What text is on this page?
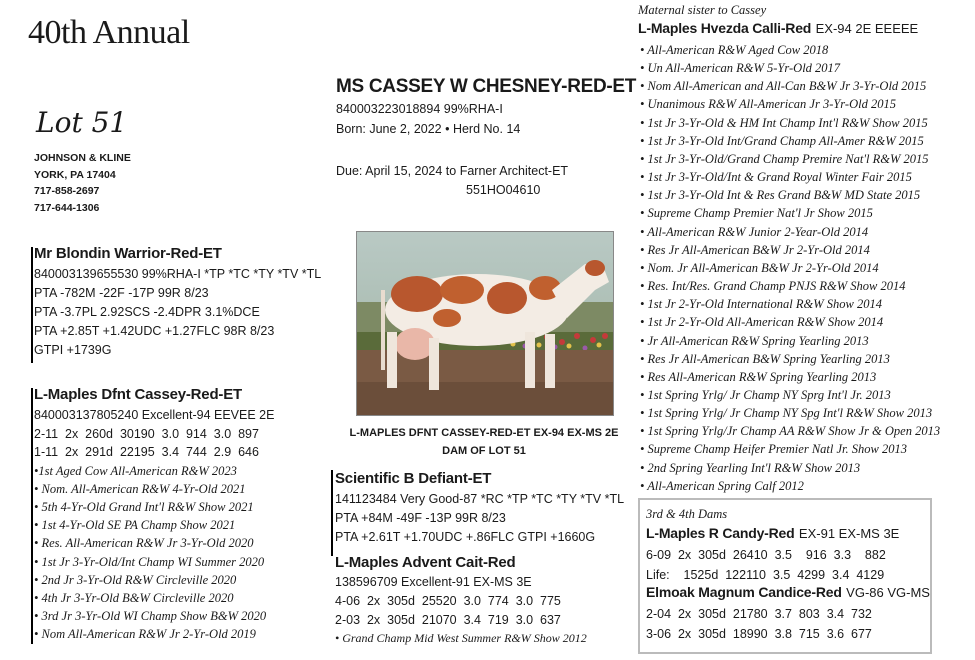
40th Annual
Lot 51
JOHNSON & KLINE
YORK, PA 17404
717-858-2697
717-644-1306
MS CASSEY W CHESNEY-RED-ET
840003223018894 99%RHA-I
Born: June 2, 2022 • Herd No. 14
Due: April 15, 2024 to Farner Architect-ET
551HO04610
L-MAPLES DFNT CASSEY-RED-ET EX-94 EX-MS 2E
DAM OF LOT 51
Mr Blondin Warrior-Red-ET
840003139655530 99%RHA-I *TP *TC *TY *TV *TL
PTA -782M -22F -17P 99R 8/23
PTA -3.7PL 2.92SCS -2.4DPR 3.1%DCE
PTA +2.85T +1.42UDC +1.27FLC 98R 8/23
GTPI +1739G
L-Maples Dfnt Cassey-Red-ET
840003137805240 Excellent-94 EEVEE 2E
2-11  2x  260d  30190  3.0  914  3.0  897
1-11  2x  291d  22195  3.4  744  2.9  646
•1st Aged Cow All-American R&W 2023
• Nom. All-American R&W 4-Yr-Old 2021
• 5th 4-Yr-Old Grand Int'l R&W Show 2021
• 1st 4-Yr-Old SE PA Champ Show 2021
• Res. All-American R&W Jr 3-Yr-Old 2020
• 1st Jr 3-Yr-Old/Int Champ WI Summer 2020
• 2nd Jr 3-Yr-Old R&W Circleville 2020
• 4th Jr 3-Yr-Old B&W Circleville 2020
• 3rd Jr 3-Yr-Old WI Champ Show B&W 2020
• Nom All-American R&W Jr 2-Yr-Old 2019
Scientific B Defiant-ET
141123484 Very Good-87 *RC *TP *TC *TY *TV *TL
PTA +84M -49F -13P 99R 8/23
PTA +2.61T +1.70UDC +.86FLC GTPI +1660G
L-Maples Advent Cait-Red
138596709 Excellent-91 EX-MS 3E
4-06  2x  305d  25520  3.0  774  3.0  775
2-03  2x  305d  21070  3.4  719  3.0  637
• Grand Champ Mid West Summer R&W Show 2012
Maternal sister to Cassey
L-Maples Hvezda Calli-Red EX-94 2E EEEEE
• All-American R&W Aged Cow 2018
• Un All-American R&W 5-Yr-Old 2017
• Nom All-American and All-Can B&W Jr 3-Yr-Old 2015
• Unanimous R&W All-American Jr 3-Yr-Old 2015
• 1st Jr 3-Yr-Old & HM Int Champ Int'l R&W Show 2015
• 1st Jr 3-Yr-Old Int/Grand Champ All-Amer R&W 2015
• 1st Jr 3-Yr-Old/Grand Champ Premire Nat'l R&W 2015
• 1st Jr 3-Yr-Old/Int & Grand Royal Winter Fair 2015
• 1st Jr 3-Yr-Old Int & Res Grand B&W MD State 2015
• Supreme Champ Premier Nat'l Jr Show 2015
• All-American R&W Junior 2-Year-Old 2014
• Res Jr All-American B&W Jr 2-Yr-Old 2014
• Nom. Jr All-American B&W Jr 2-Yr-Old 2014
• Res. Int/Res. Grand Champ PNJS R&W Show 2014
• 1st Jr 2-Yr-Old International R&W Show 2014
• 1st Jr 2-Yr-Old All-American R&W Show 2014
• Jr All-American R&W Spring Yearling 2013
• Res Jr All-American B&W Spring Yearling 2013
• Res All-American R&W Spring Yearling 2013
• 1st Spring Yrlg/ Jr Champ NY Sprg Int'l Jr. 2013
• 1st Spring Yrlg/ Jr Champ NY Spg Int'l R&W Show 2013
• 1st Spring Yrlg/Jr Champ AA R&W Show Jr & Open 2013
• Supreme Champ Heifer Premier Natl Jr. Show 2013
• 2nd Spring Yearling Int'l R&W Show 2013
• All-American Spring Calf 2012
3rd & 4th Dams
L-Maples R Candy-Red EX-91 EX-MS 3E
6-09  2x  305d  26410  3.5    916  3.3    882
Life:    1525d  122110  3.5  4299  3.4  4129
Elmoak Magnum Candice-Red VG-86 VG-MS
2-04  2x  305d  21780  3.7  803  3.4  732
3-06  2x  305d  18990  3.8  715  3.6  677
